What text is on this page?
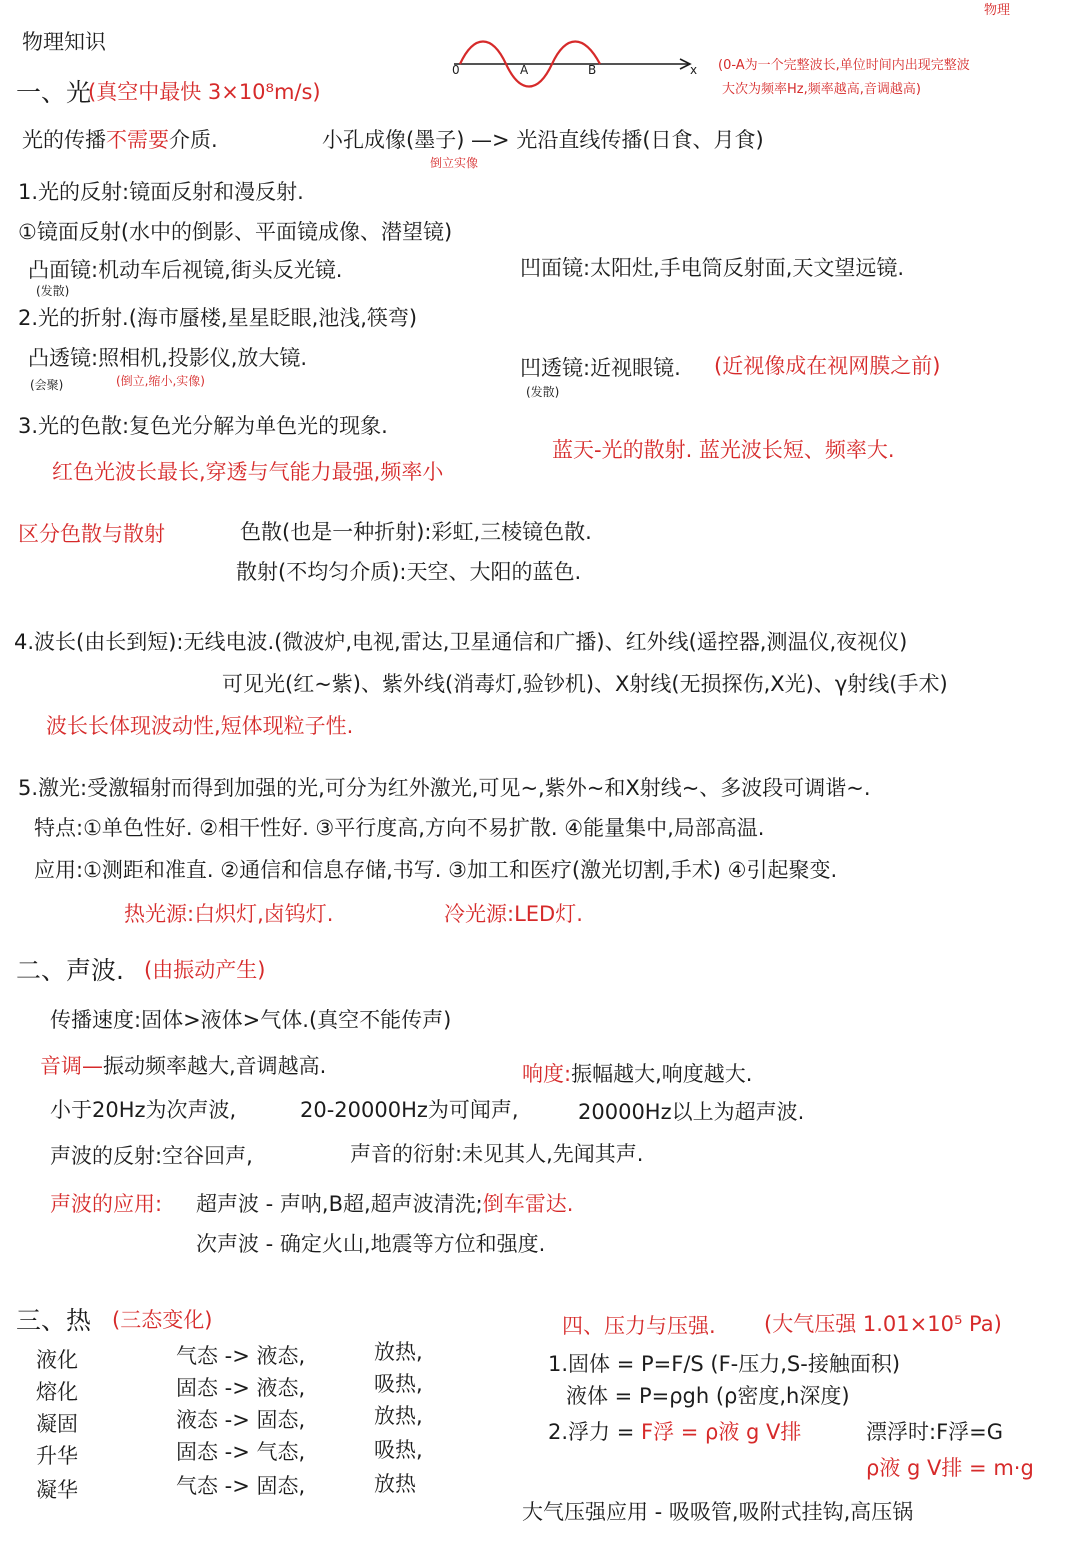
物理
物理知识
0	A	B	x (0-A为一个完整波长,单位时间内出现完整波
大次为频率Hz,频率越高,音调越高)
一、光
(真空中最快 3×10⁸m/s)
光的传播不需要介质.	小孔成像(墨子) —> 光沿直线传播(日食、月食)
倒立实像
1.光的反射:镜面反射和漫反射.
①镜面反射(水中的倒影、平面镜成像、潜望镜)
凸面镜:机动车后视镜,街头反光镜.
(发散)
凹面镜:太阳灶,手电筒反射面,天文望远镜.
2.光的折射.(海市蜃楼,星星眨眼,池浅,筷弯)
凸透镜:照相机,投影仪,放大镜.
(会聚)	(倒立,缩小,实像)
凹透镜:近视眼镜. (近视像成在视网膜之前)
(发散)
3.光的色散:复色光分解为单色光的现象.
蓝天-光的散射. 蓝光波长短、频率大.
红色光波长最长,穿透与气能力最强,频率小
区分色散与散射	色散(也是一种折射):彩虹,三棱镜色散.
散射(不均匀介质):天空、大阳的蓝色.
4.波长(由长到短):无线电波.(微波炉,电视,雷达,卫星通信和广播)、红外线(遥控器,测温仪,夜视仪)
可见光(红~紫)、紫外线(消毒灯,验钞机)、X射线(无损探伤,X光)、γ射线(手术)
波长长体现波动性,短体现粒子性.
5.激光:受激辐射而得到加强的光,可分为红外激光,可见~,紫外~和X射线~、多波段可调谐~.
特点:①单色性好. ②相干性好. ③平行度高,方向不易扩散. ④能量集中,局部高温.
应用:①测距和准直. ②通信和信息存储,书写. ③加工和医疗(激光切割,手术) ④引起聚变.
热光源:白炽灯,卤钨灯.	冷光源:LED灯.
二、声波. (由振动产生)
传播速度:固体>液体>气体.(真空不能传声)
音调—振动频率越大,音调越高.	响度:振幅越大,响度越大.
小于20Hz为次声波,	20-20000Hz为可闻声,	20000Hz以上为超声波.
声波的反射:空谷回声,	声音的衍射:未见其人,先闻其声.
声波的应用: 超声波 - 声呐,B超,超声波清洗;倒车雷达.
次声波 - 确定火山,地震等方位和强度.
三、热 (三态变化)
液化	气态 -> 液态,	放热,
熔化	固态 -> 液态,	吸热,
凝固	液态 -> 固态,	放热,
升华	固态 -> 气态,	吸热,
凝华	气态 -> 固态,	放热
四、压力与压强. (大气压强 1.01×10⁵ Pa)
1.固体 = P=F/S (F-压力,S-接触面积)
液体 = P=ρgh (ρ密度,h深度)
2.浮力 = F浮 = ρ液 g V排	漂浮时:F浮=G
ρ液 g V排 = m·g
大气压强应用 - 吸吸管,吸附式挂钩,高压锅
